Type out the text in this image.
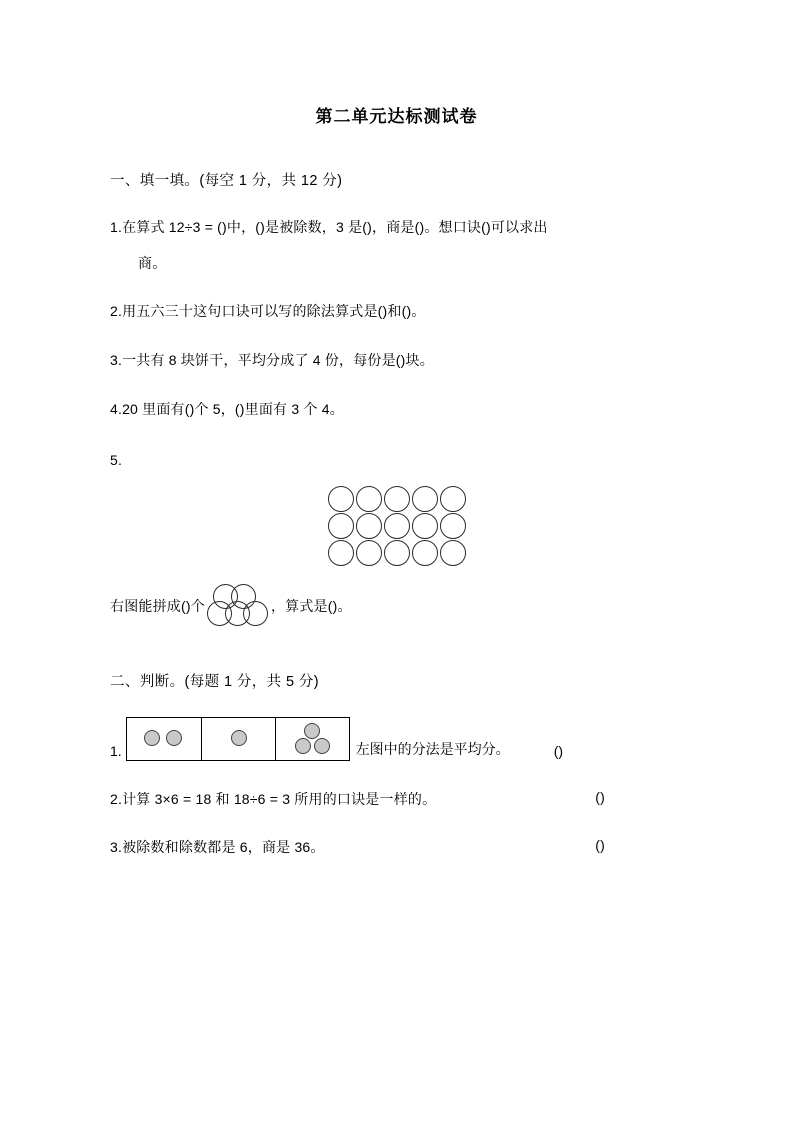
第二单元达标测试卷
一、填一填。(每空 1 分，共 12 分)
1.在算式 12÷3 = ()中，()是被除数，3 是()，商是()。想口诀()可以求出
商。
2.用五六三十这句口诀可以写的除法算式是()和()。
3.一共有 8 块饼干，平均分成了 4 份，每份是()块。
4.20 里面有()个 5，()里面有 3 个 4。
5.
右图能拼成()个	，算式是()。
二、判断。(每题 1 分，共 5 分)
1.	左图中的分法是平均分。	()
2.计算 3×6 = 18 和 18÷6 = 3 所用的口诀是一样的。	()
3.被除数和除数都是 6，商是 36。	()
